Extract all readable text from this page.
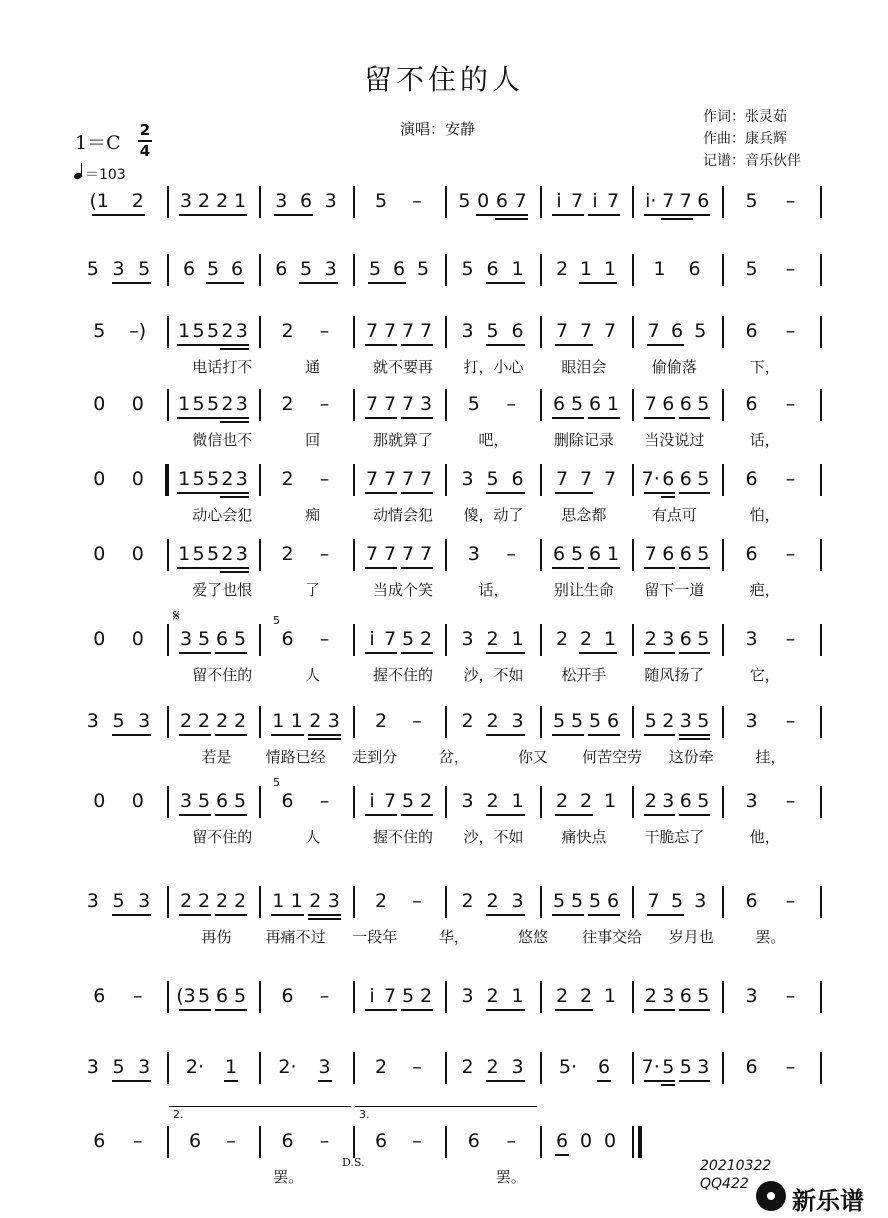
留不住的人
演唱：安静
作词：张灵茹
作曲：康兵辉
记谱：音乐伙伴
1＝C
2
4
＝103
(1 2 3 2 2 1 3 6 3 5 – 5 0 6 7 i 7 i 7 i· 7 7 6 5 –
5 3 5 6 5 6 6 5 3 5 6 5 5 6 1 2 1 1 1 6 5 –
5 –) 1 5 5 2 3 2 – 7 7 7 7 3 5 6 7 7 7 7 6 5 6 –
电话打不	通	就不要再 打，小心	眼泪会	偷偷落	下，
0 0 1 5 5 2 3 2 – 7 7 7 3 5 – 6 5 6 1 7 6 6 5 6 –
微信也不	回	那就算了	吧，	删除记录 当没说过	话，
0 0 1 5 5 2 3 2 – 7 7 7 7 3 5 6 7 7 7 7· 6 6 5 6 –
动心会犯	痴	动情会犯 傻，动了	思念都	有点可	怕，
0 0 1 5 5 2 3 2 – 7 7 7 7 3 – 6 5 6 1 7 6 6 5 6 –
爱了也恨	了	当成个笑	话，	别让生命 留下一道	疤，
0 0 3 5 6 5
𝄋
6 –
5
i 7 5 2 3 2 1 2 2 1 2 3 6 5 3 –
留不住的	人	握不住的 沙，不如	松开手	随风扬了	它，
3 5 3 2 2 2 2 1 1 2 3 2 – 2 2 3 5 5 5 6 5 2 3 5 3 –
若是 情路已经 走到分	岔，	你又 何苦空劳 这份牵	挂，
0 0 3 5 6 5 6 –
5
i 7 5 2 3 2 1 2 2 1 2 3 6 5 3 –
留不住的	人	握不住的 沙，不如	痛快点	干脆忘了	他，
3 5 3 2 2 2 2 1 1 2 3 2 – 2 2 3 5 5 5 6 7 5 3 6 –
再伤 再痛不过 一段年	华，	悠悠 往事交给 岁月也	罢。
6 – (3 5 6 5 6 – i 7 5 2 3 2 1 2 2 1 2 3 6 5 3 –
3 5 3 2· 1 2· 3 2 – 2 2 3 5· 6 7· 5 5 3 6 –
6 – 6 –
2.
6 – 6 –
3.
6 – 6 0 0
罢。	罢。
D.S.	20210322
QQ422
新乐谱
